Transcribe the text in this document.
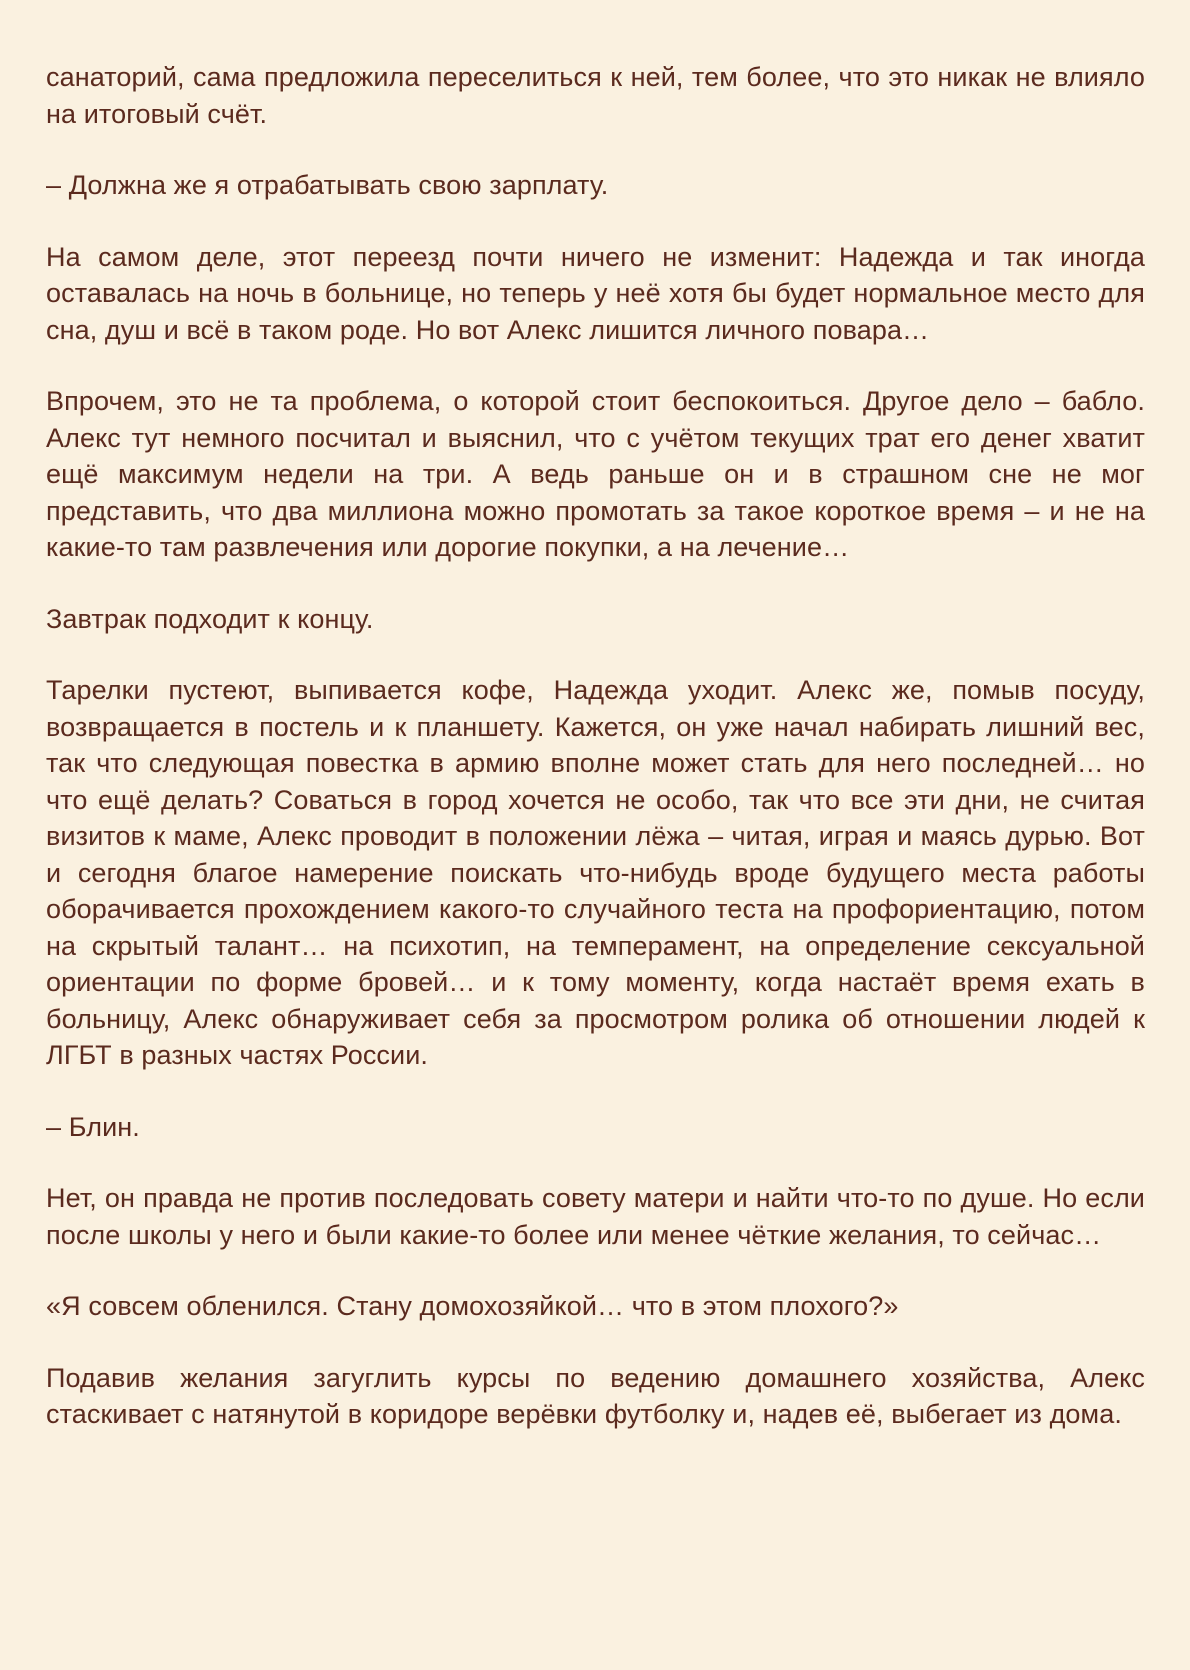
санаторий, сама предложила переселиться к ней, тем более, что это никак не влияло на итоговый счёт.

– Должна же я отрабатывать свою зарплату.

На самом деле, этот переезд почти ничего не изменит: Надежда и так иногда оставалась на ночь в больнице, но теперь у неё хотя бы будет нормальное место для сна, душ и всё в таком роде. Но вот Алекс лишится личного повара…

Впрочем, это не та проблема, о которой стоит беспокоиться. Другое дело – бабло. Алекс тут немного посчитал и выяснил, что с учётом текущих трат его денег хватит ещё максимум недели на три. А ведь раньше он и в страшном сне не мог представить, что два миллиона можно промотать за такое короткое время – и не на какие-то там развлечения или дорогие покупки, а на лечение…

Завтрак подходит к концу.

Тарелки пустеют, выпивается кофе, Надежда уходит. Алекс же, помыв посуду, возвращается в постель и к планшету. Кажется, он уже начал набирать лишний вес, так что следующая повестка в армию вполне может стать для него последней… но что ещё делать? Соваться в город хочется не особо, так что все эти дни, не считая визитов к маме, Алекс проводит в положении лёжа – читая, играя и маясь дурью. Вот и сегодня благое намерение поискать что-нибудь вроде будущего места работы оборачивается прохождением какого-то случайного теста на профориентацию, потом на скрытый талант… на психотип, на темперамент, на определение сексуальной ориентации по форме бровей… и к тому моменту, когда настаёт время ехать в больницу, Алекс обнаруживает себя за просмотром ролика об отношении людей к ЛГБТ в разных частях России.

– Блин.

Нет, он правда не против последовать совету матери и найти что-то по душе. Но если после школы у него и были какие-то более или менее чёткие желания, то сейчас…

«Я совсем обленился. Стану домохозяйкой… что в этом плохого?»

Подавив желания загуглить курсы по ведению домашнего хозяйства, Алекс стаскивает с натянутой в коридоре верёвки футболку и, надев её, выбегает из дома.
